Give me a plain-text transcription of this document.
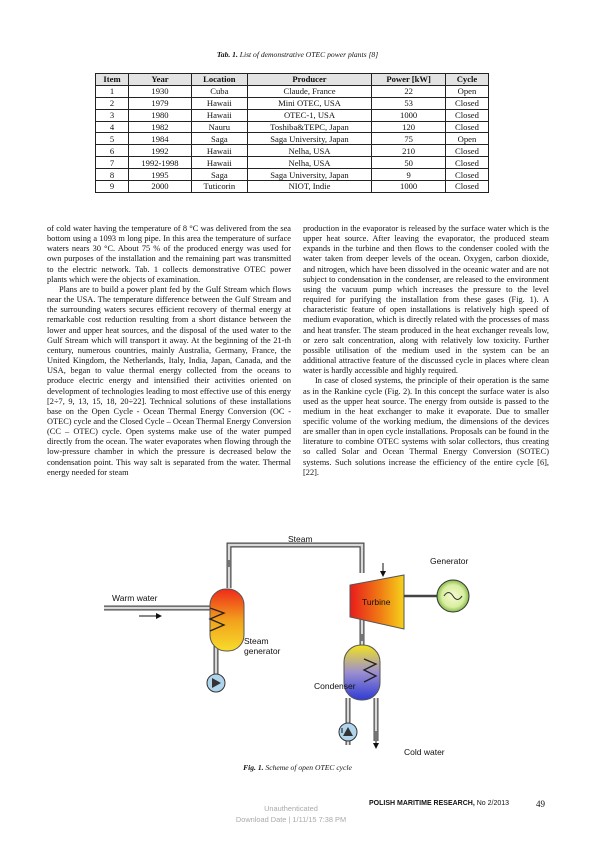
Tab. 1. List of demonstrative OTEC power plants [8]
Item	Year	Location	Producer	Power [kW]	Cycle
1	1930	Cuba	Claude, France	22	Open
2	1979	Hawaii	Mini OTEC, USA	53	Closed
3	1980	Hawaii	OTEC-1, USA	1000	Closed
4	1982	Nauru	Toshiba&TEPC, Japan	120	Closed
5	1984	Saga	Saga University, Japan	75	Open
6	1992	Hawaii	Nelha, USA	210	Closed
7	1992-1998	Hawaii	Nelha, USA	50	Closed
8	1995	Saga	Saga University, Japan	9	Closed
9	2000	Tuticorin	NIOT, Indie	1000	Closed

of cold water having the temperature of 8 °C was delivered from the sea bottom using a 1093 m long pipe. In this area the temperature of surface waters nears 30 °C. About 75 % of the produced energy was used for own purposes of the installation and the remaining part was transmitted to the electric network. Tab. 1 collects demonstrative OTEC power plants which were the objects of examination.

Plans are to build a power plant fed by the Gulf Stream which flows near the USA. The temperature difference between the Gulf Stream and the surrounding waters secures efficient recovery of thermal energy at remarkable cost reduction resulting from a short distance between the lower and upper heat sources, and the disposal of the used water to the Gulf Stream which will transport it away. At the beginning of the 21-th century, numerous countries, mainly Australia, Germany, France, the United Kingdom, the Netherlands, Italy, India, Japan, Canada, and the USA, began to value thermal energy collected from the oceans to produce electric energy and intensified their activities oriented on development of technologies leading to most effective use of this energy [2÷7, 9, 13, 15, 18, 20÷22]. Technical solutions of these installations base on the Open Cycle - Ocean Thermal Energy Conversion (OC - OTEC) cycle and the Closed Cycle – Ocean Thermal Energy Conversion (CC – OTEC) cycle. Open systems make use of the water pumped directly from the ocean. The water evaporates when flowing through the low-pressure chamber in which the pressure is decreased below the condensation point. This way salt is separated from the water. Thermal energy needed for steam

production in the evaporator is released by the surface water which is the upper heat source. After leaving the evaporator, the produced steam expands in the turbine and then flows to the condenser cooled with the water taken from deeper levels of the ocean. Oxygen, carbon dioxide, and nitrogen, which have been dissolved in the oceanic water and are not subject to condensation in the condenser, are released to the environment using the vacuum pump which increases the pressure to the level required for purifying the installation from these gases (Fig. 1). A characteristic feature of open installations is relatively high speed of medium evaporation, which is directly related with the processes of mass and heat transfer. The steam produced in the heat exchanger reveals low, or zero salt concentration, along with relatively low toxicity. Further possible utilisation of the medium used in the system can be an additional attractive feature of the discussed cycle in places where clean water is hardly accessible and highly required.

In case of closed systems, the principle of their operation is the same as in the Rankine cycle (Fig. 2). In this concept the surface water is also used as the upper heat source. The energy from outside is passed to the medium in the heat exchanger to make it evaporate. Due to smaller specific volume of the working medium, the dimensions of the devices are smaller than in open cycle installations. Proposals can be found in the literature to combine OTEC systems with solar collectors, thus creating so called Solar and Ocean Thermal Energy Conversion (SOTEC) systems. Such solutions increase the efficiency of the entire cycle [6], [22].

Steam
Warm water
Steam
generator
Turbine
Generator
Condenser
Cold water
Fig. 1. Scheme of open OTEC cycle
POLISH MARITIME RESEARCH, No 2/2013	49
Unauthenticated
Download Date | 1/11/15 7:38 PM
